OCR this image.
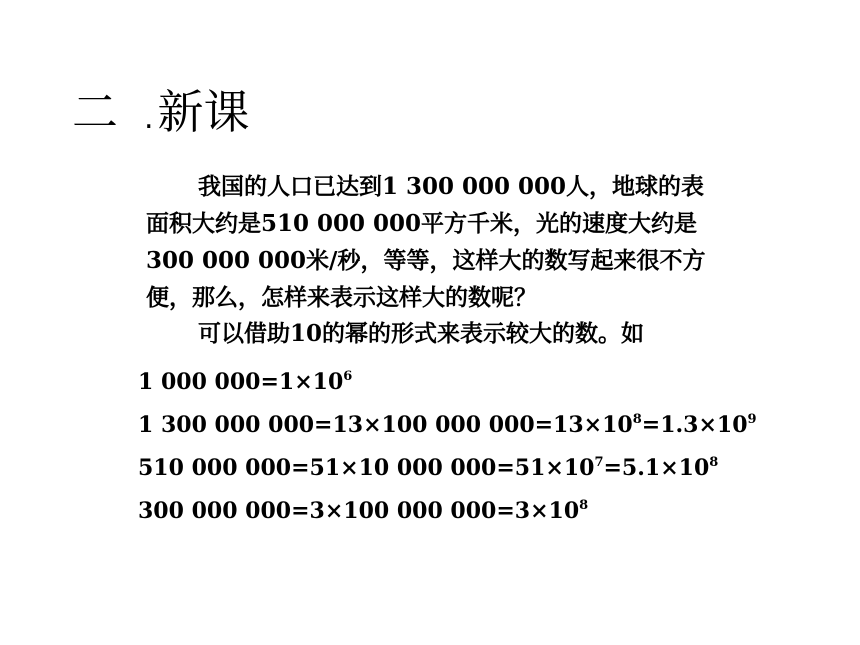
二 . 新课
我国的人口已达到1 300 000 000人，地球的表
面积大约是510 000 000平方千米，光的速度大约是
300 000 000米/秒，等等，这样大的数写起来很不方
便，那么，怎样来表示这样大的数呢？
可以借助10的幂的形式来表示较大的数。如
1 000 $000=1\times 10^6$
1 300 000 000=13×100 000 $000=13\times 10^8=1.3\times 10^9$
510 000 000=51×10 000 $000=51\times 10^7=5.1\times 10^8$
300 000 000=3×100 000 $000=3\times 10^8$
